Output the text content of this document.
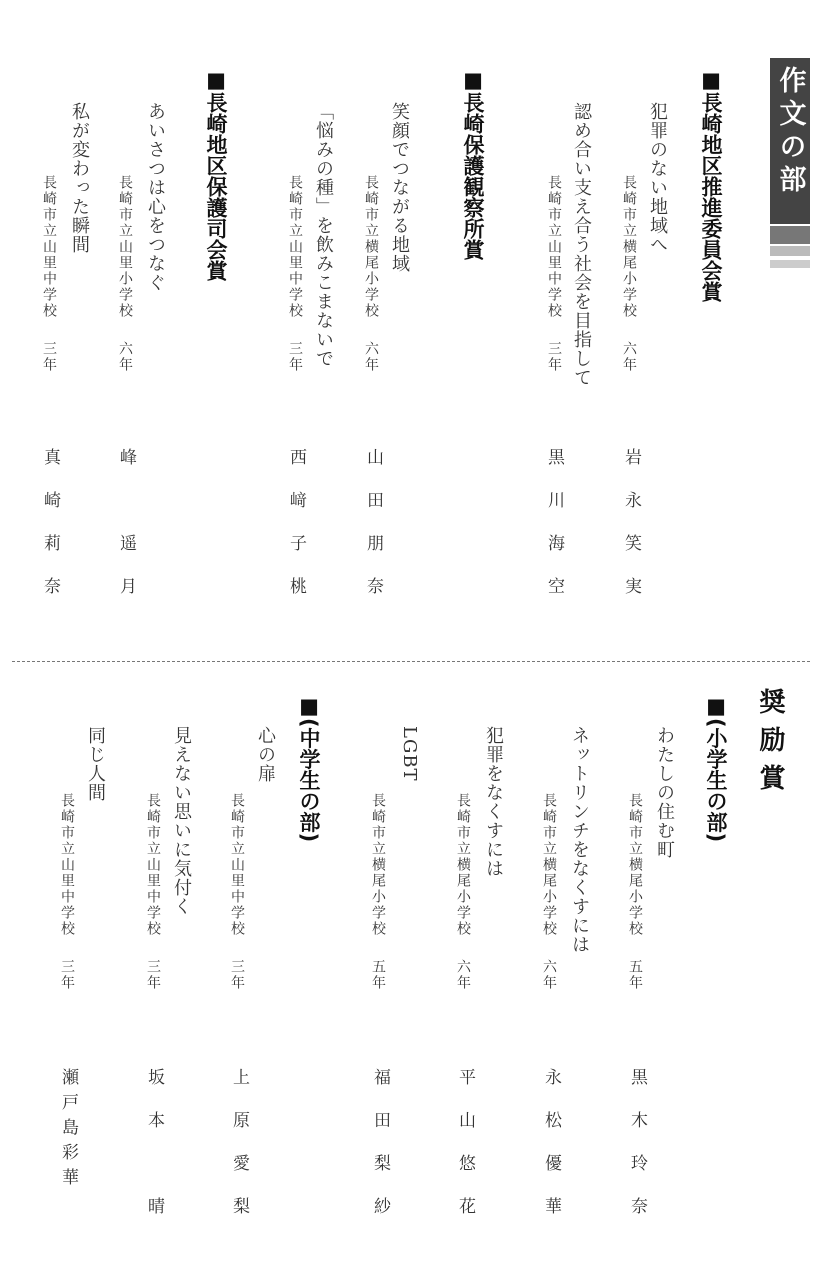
作文の部
■長崎地区推進委員会賞
犯罪のない地域へ
長崎市立横尾小学校六年
岩永笑実
認め合い支え合う社会を目指して
長崎市立山里中学校三年
黒川海空
■長崎保護観察所賞
笑顔でつながる地域
長崎市立横尾小学校六年
山田朋奈
「悩みの種」を飲みこまないで
長崎市立山里中学校三年
西﨑子桃
■長崎地区保護司会賞
あいさつは心をつなぐ
長崎市立山里小学校六年
峰　遥月
私が変わった瞬間
長崎市立山里中学校三年
真崎莉奈
奨励賞
■(小学生の部)
わたしの住む町
長崎市立横尾小学校五年
黒木玲奈
ネットリンチをなくすには
長崎市立横尾小学校六年
永松優華
犯罪をなくすには
長崎市立横尾小学校六年
平山悠花
LGBT
長崎市立横尾小学校五年
福田梨紗
■(中学生の部)
心の扉
長崎市立山里中学校三年
上原愛梨
見えない思いに気付く
長崎市立山里中学校三年
坂本　晴
同じ人間
長崎市立山里中学校三年
瀬戸島彩華
